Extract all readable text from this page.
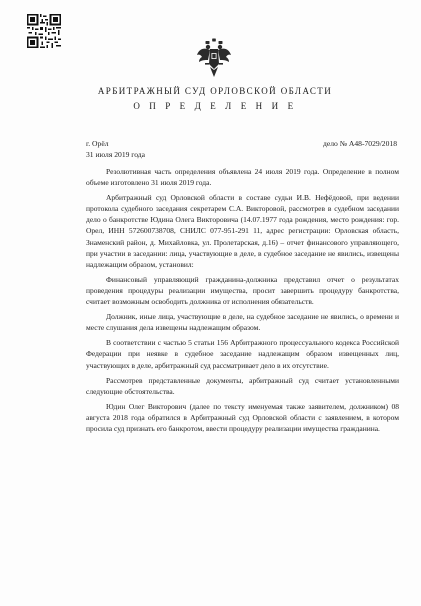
АРБИТРАЖНЫЙ СУД ОРЛОВСКОЙ ОБЛАСТИ
О П Р Е Д Е Л Е Н И Е
г. Орёл	дело № А48-7029/2018
31 июля 2019 года

Резолютивная часть определения объявлена 24 июля 2019 года. Определение в полном объеме изготовлено 31 июля 2019 года.

Арбитражный суд Орловской области в составе судьи И.В. Нефёдовой, при ведении протокола судебного заседания секретарем С.А. Викторовой, рассмотрев в судебном заседании дело о банкротстве Юдина Олега Викторовича (14.07.1977 года рождения, место рождения: гор. Орел, ИНН 572600738708, СНИЛС 077-951-291 11, адрес регистрации: Орловская область, Знаменский район, д. Михайловка, ул. Пролетарская, д.16) – отчет финансового управляющего, при участии в заседании: лица, участвующие в деле, в судебное заседание не явились, извещены надлежащим образом, установил:

Финансовый управляющий гражданина-должника представил отчет о результатах проведения процедуры реализации имущества, просит завершить процедуру банкротства, считает возможным освободить должника от исполнения обязательств.

Должник, иные лица, участвующие в деле, на судебное заседание не явились, о времени и месте слушания дела извещены надлежащим образом.

В соответствии с частью 5 статьи 156 Арбитражного процессуального кодекса Российской Федерации при неявке в судебное заседание надлежащим образом извещенных лиц, участвующих в деле, арбитражный суд рассматривает дело в их отсутствие.

Рассмотрев представленные документы, арбитражный суд считает установленными следующие обстоятельства.

Юдин Олег Викторович (далее по тексту именуемая также заявителем, должником) 08 августа 2018 года обратился в Арбитражный суд Орловской области с заявлением, в котором просила суд признать его банкротом, ввести процедуру реализации имущества гражданина.
